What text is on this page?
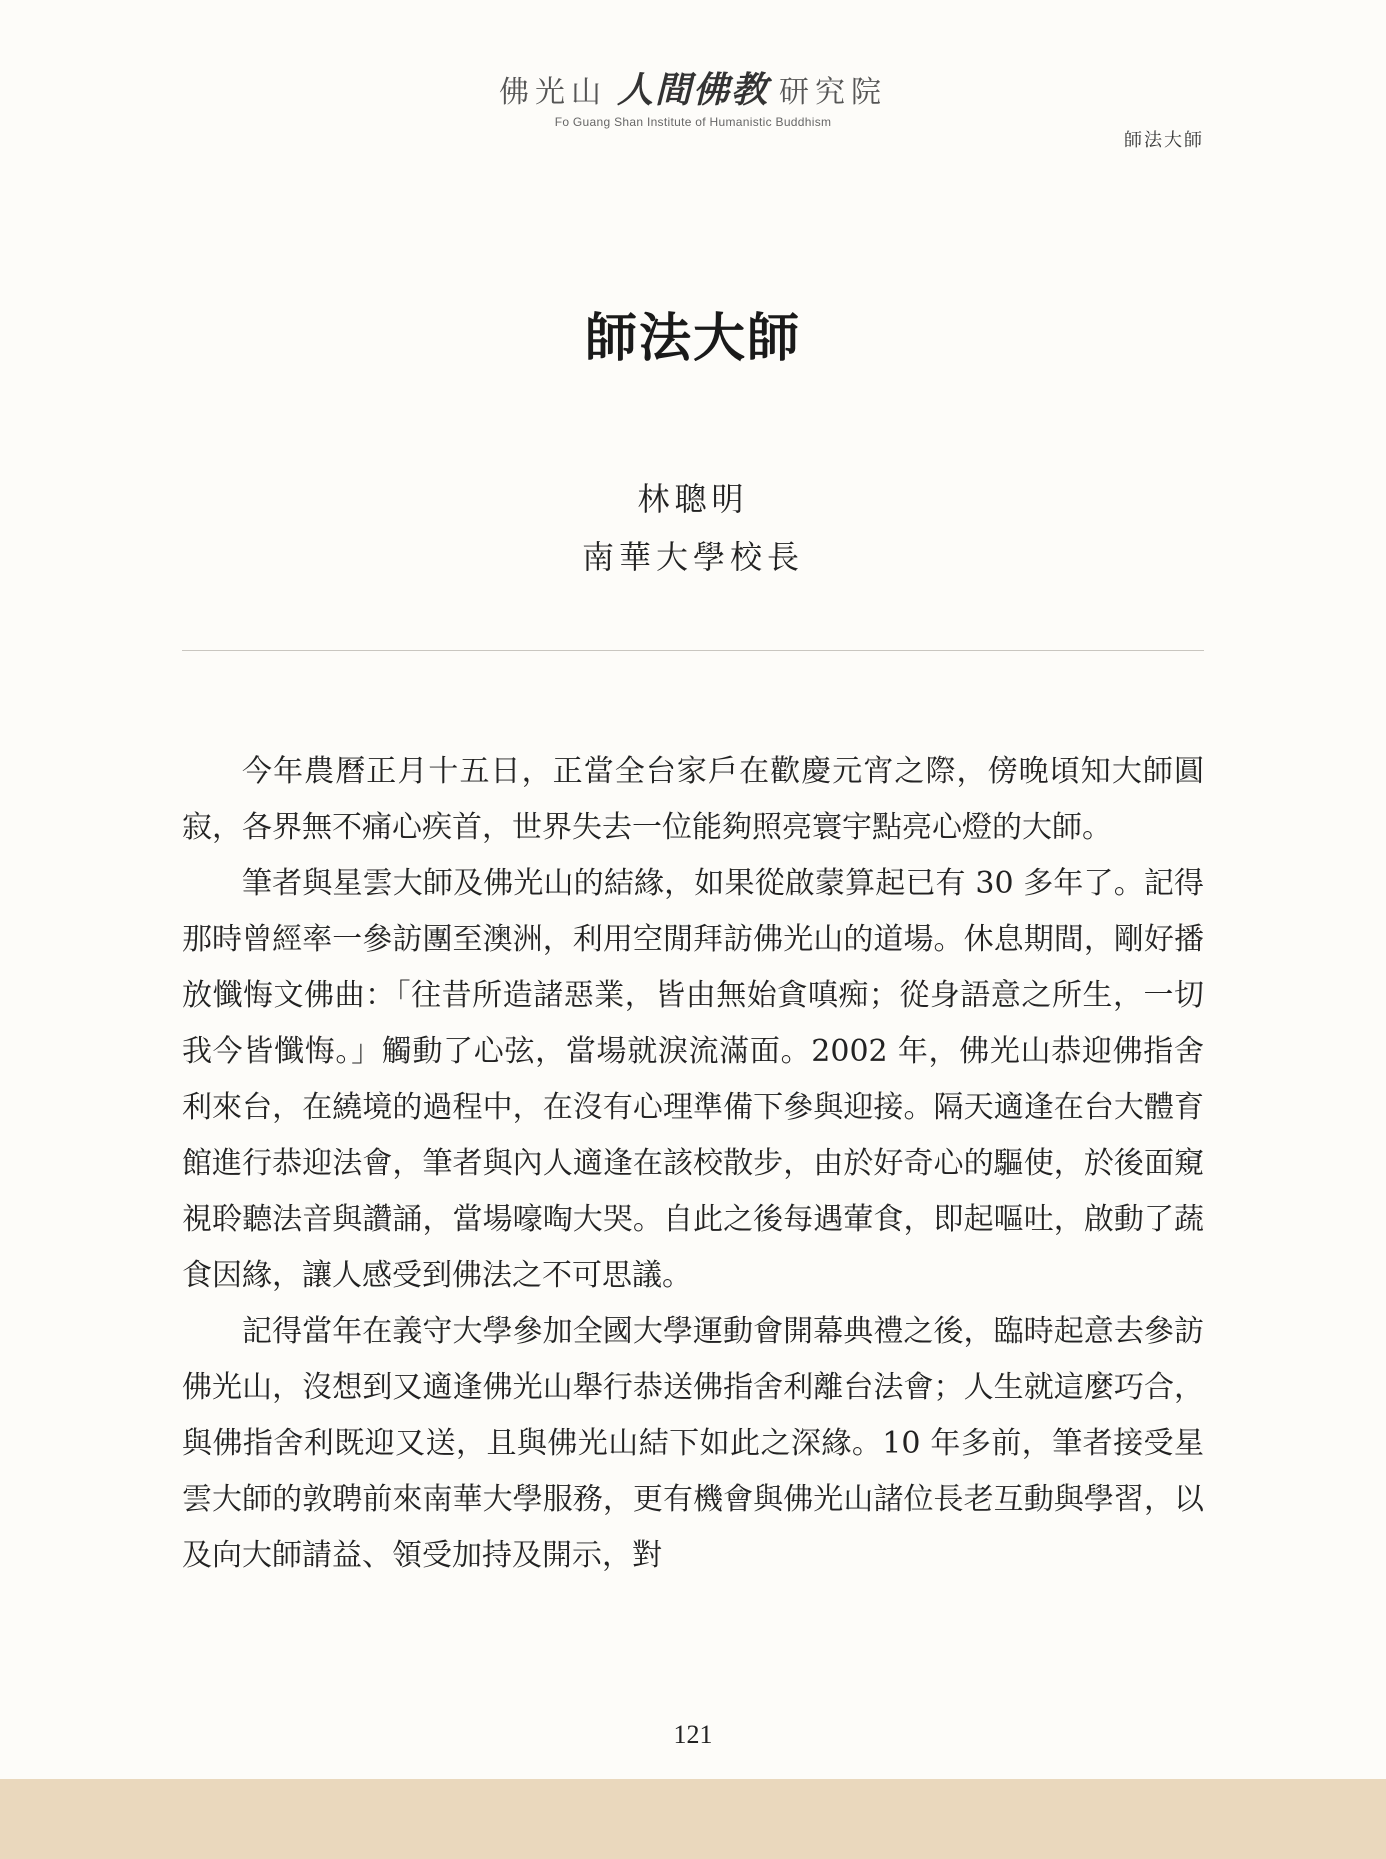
佛光山 人間佛教 研究院
Fo Guang Shan Institute of Humanistic Buddhism
師法大師
師法大師
林聰明
南華大學校長

今年農曆正月十五日，正當全台家戶在歡慶元宵之際，傍晚頃知大師圓寂，各界無不痛心疾首，世界失去一位能夠照亮寰宇點亮心燈的大師。

筆者與星雲大師及佛光山的結緣，如果從啟蒙算起已有 30 多年了。記得那時曾經率一參訪團至澳洲，利用空閒拜訪佛光山的道場。休息期間，剛好播放懺悔文佛曲：「往昔所造諸惡業，皆由無始貪嗔痴；從身語意之所生，一切我今皆懺悔。」觸動了心弦，當場就淚流滿面。2002 年，佛光山恭迎佛指舍利來台，在繞境的過程中，在沒有心理準備下參與迎接。隔天適逢在台大體育館進行恭迎法會，筆者與內人適逢在該校散步，由於好奇心的驅使，於後面窺視聆聽法音與讚誦，當場嚎啕大哭。自此之後每遇葷食，即起嘔吐，啟動了蔬食因緣，讓人感受到佛法之不可思議。

記得當年在義守大學參加全國大學運動會開幕典禮之後，臨時起意去參訪佛光山，沒想到又適逢佛光山舉行恭送佛指舍利離台法會；人生就這麼巧合，與佛指舍利既迎又送，且與佛光山結下如此之深緣。10 年多前，筆者接受星雲大師的敦聘前來南華大學服務，更有機會與佛光山諸位長老互動與學習，以及向大師請益、領受加持及開示，對

121
